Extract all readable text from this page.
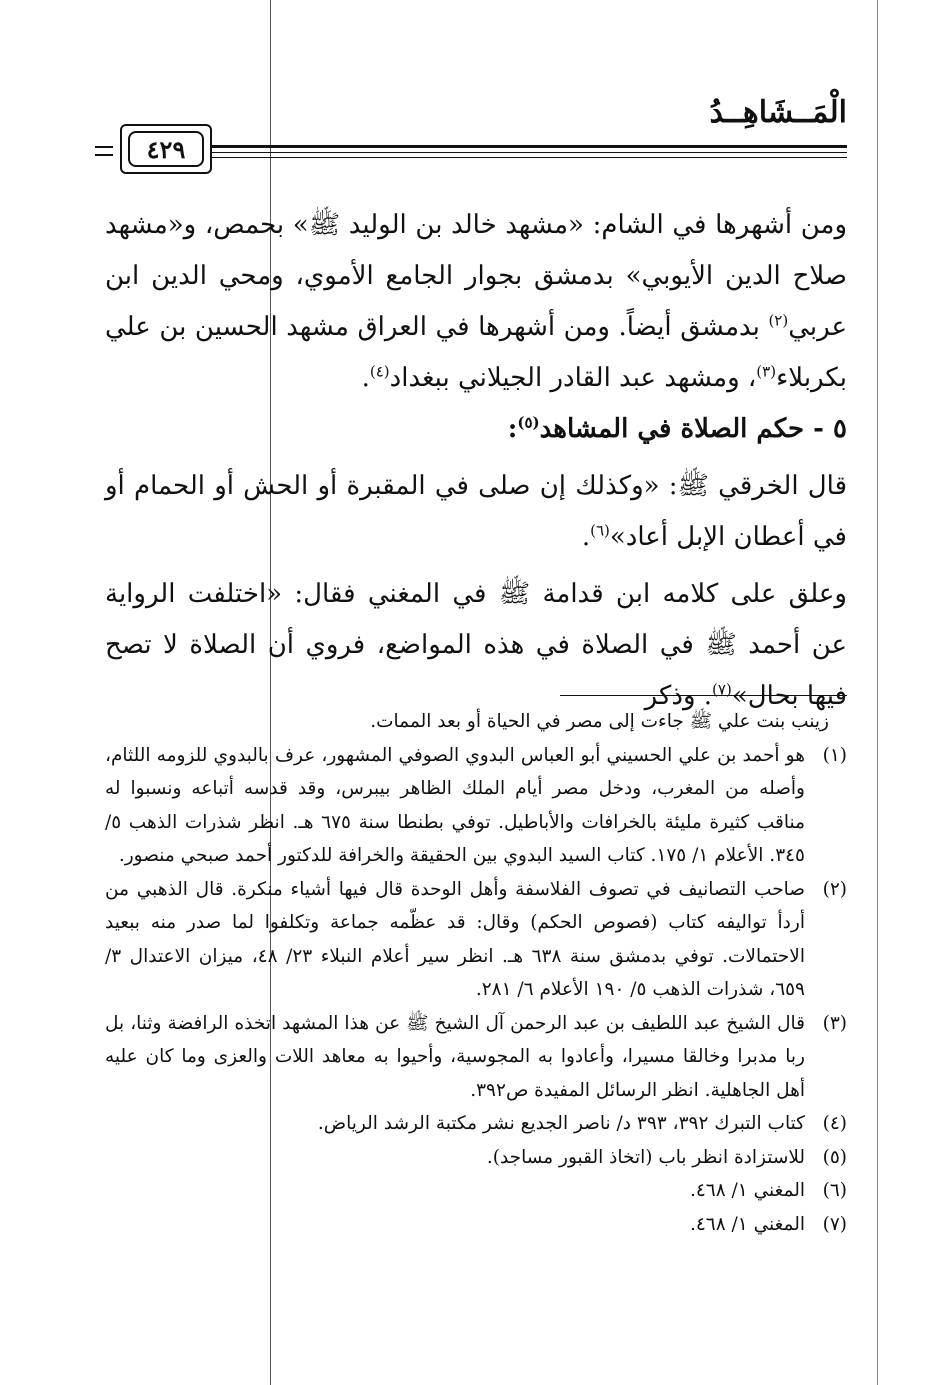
الْمَــشَاهِــدُ
٤٢٩

ومن أشهرها في الشام: «مشهد خالد بن الوليد ﷺ» بحمص، و«مشهد صلاح الدين الأيوبي» بدمشق بجوار الجامع الأموي، ومحي الدين ابن عربي$^{(٢)}$ بدمشق أيضاً. ومن أشهرها في العراق مشهد الحسين بن علي بكربلاء$^{(٣)}$، ومشهد عبد القادر الجيلاني ببغداد$^{(٤)}$.

٥ - حكم الصلاة في المشاهد$^{(٥)}$:

قال الخرقي ﷺ: «وكذلك إن صلى في المقبرة أو الحش أو الحمام أو في أعطان الإبل أعاد»$^{(٦)}$.

وعلق على كلامه ابن قدامة ﷺ في المغني فقال: «اختلفت الرواية عن أحمد ﷺ في الصلاة في هذه المواضع، فروي أن الصلاة لا تصح فيها بحال»$^{(٧)}$. وذكر

زينب بنت علي ﷺ جاءت إلى مصر في الحياة أو بعد الممات.

(١)
هو أحمد بن علي الحسيني أبو العباس البدوي الصوفي المشهور، عرف بالبدوي للزومه اللثام، وأصله من المغرب، ودخل مصر أيام الملك الظاهر بيبرس، وقد قدسه أتباعه ونسبوا له مناقب كثيرة مليئة بالخرافات والأباطيل. توفي بطنطا سنة ٦٧٥ هـ. انظر شذرات الذهب ٥/ ٣٤٥. الأعلام ١/ ١٧٥. كتاب السيد البدوي بين الحقيقة والخرافة للدكتور أحمد صبحي منصور.
(٢)
صاحب التصانيف في تصوف الفلاسفة وأهل الوحدة قال فيها أشياء منكرة. قال الذهبي من أردأ تواليفه كتاب (فصوص الحكم) وقال: قد عظّمه جماعة وتكلفوا لما صدر منه ببعيد الاحتمالات. توفي بدمشق سنة ٦٣٨ هـ. انظر سير أعلام النبلاء ٢٣/ ٤٨، ميزان الاعتدال ٣/ ٦٥٩، شذرات الذهب ٥/ ١٩٠ الأعلام ٦/ ٢٨١.
(٣)
قال الشيخ عبد اللطيف بن عبد الرحمن آل الشيخ ﷺ عن هذا المشهد اتخذه الرافضة وثنا، بل ربا مدبرا وخالقا مسيرا، وأعادوا به المجوسية، وأحيوا به معاهد اللات والعزى وما كان عليه أهل الجاهلية. انظر الرسائل المفيدة ص٣٩٢.
(٤)
كتاب التبرك ٣٩٢، ٣٩٣ د/ ناصر الجديع نشر مكتبة الرشد الرياض.
(٥)
للاستزادة انظر باب (اتخاذ القبور مساجد).
(٦)
المغني ١/ ٤٦٨.
(٧)
المغني ١/ ٤٦٨.
